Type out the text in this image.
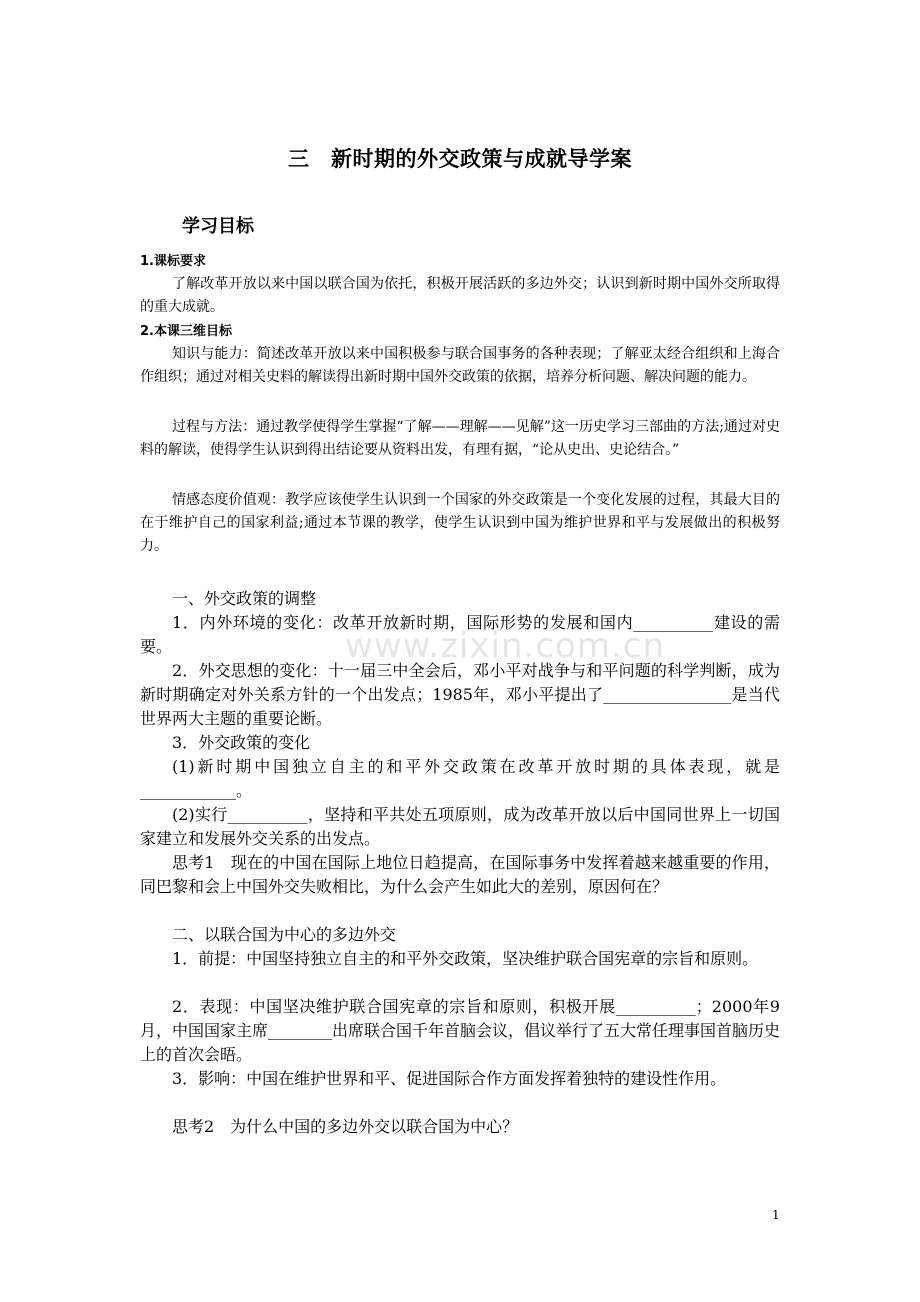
三　新时期的外交政策与成就导学案
学习目标
1.课标要求
了解改革开放以来中国以联合国为依托，积极开展活跃的多边外交；认识到新时期中国外交所取得的重大成就。
2.本课三维目标
知识与能力：简述改革开放以来中国积极参与联合国事务的各种表现；了解亚太经合组织和上海合作组织；通过对相关史料的解读得出新时期中国外交政策的依据，培养分析问题、解决问题的能力。
过程与方法：通过教学使得学生掌握“了解——理解——见解”这一历史学习三部曲的方法;通过对史料的解读，使得学生认识到得出结论要从资料出发，有理有据，“论从史出、史论结合。”
情感态度价值观：教学应该使学生认识到一个国家的外交政策是一个变化发展的过程，其最大目的在于维护自己的国家利益;通过本节课的教学，使学生认识到中国为维护世界和平与发展做出的积极努力。
一、外交政策的调整
1．内外环境的变化：改革开放新时期，国际形势的发展和国内__________建设的需要。
2．外交思想的变化：十一届三中全会后，邓小平对战争与和平问题的科学判断，成为新时期确定对外关系方针的一个出发点；1985年，邓小平提出了________________是当代世界两大主题的重要论断。
3．外交政策的变化
(1)新时期中国独立自主的和平外交政策在改革开放时期的具体表现，就是____________。
(2)实行__________，坚持和平共处五项原则，成为改革开放以后中国同世界上一切国家建立和发展外交关系的出发点。
思考1　现在的中国在国际上地位日趋提高，在国际事务中发挥着越来越重要的作用，同巴黎和会上中国外交失败相比，为什么会产生如此大的差别，原因何在？
二、以联合国为中心的多边外交
1．前提：中国坚持独立自主的和平外交政策，坚决维护联合国宪章的宗旨和原则。
2．表现：中国坚决维护联合国宪章的宗旨和原则，积极开展__________；2000年9月，中国国家主席________出席联合国千年首脑会议，倡议举行了五大常任理事国首脑历史上的首次会晤。
3．影响：中国在维护世界和平、促进国际合作方面发挥着独特的建设性作用。
思考2　为什么中国的多边外交以联合国为中心？
www.zixin.com.cn
1
